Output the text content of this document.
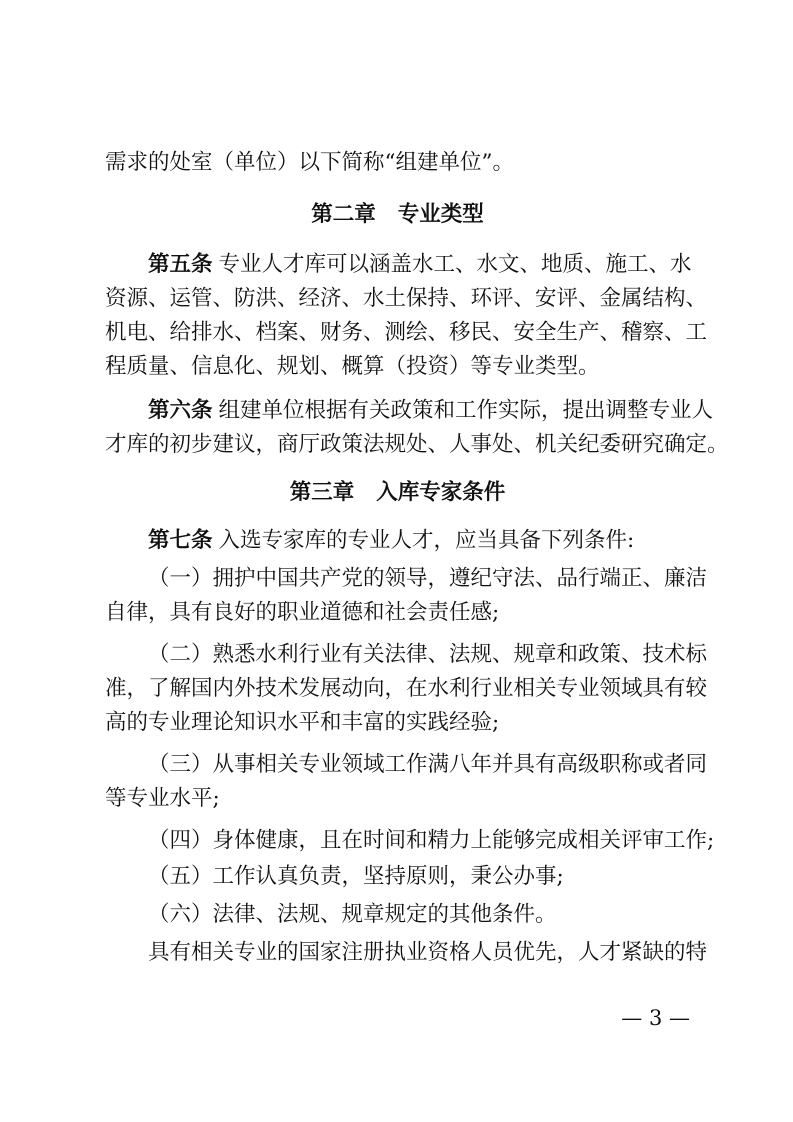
需求的处室（单位）以下简称“组建单位”。
第二章 专业类型
第五条 专业人才库可以涵盖水工、水文、地质、施工、水
资源、运管、防洪、经济、水土保持、环评、安评、金属结构、
机电、给排水、档案、财务、测绘、移民、安全生产、稽察、工
程质量、信息化、规划、概算（投资）等专业类型。
第六条 组建单位根据有关政策和工作实际，提出调整专业人
才库的初步建议，商厅政策法规处、人事处、机关纪委研究确定。
第三章 入库专家条件
第七条 入选专家库的专业人才，应当具备下列条件:
（一）拥护中国共产党的领导，遵纪守法、品行端正、廉洁
自律，具有良好的职业道德和社会责任感;
（二）熟悉水利行业有关法律、法规、规章和政策、技术标
准，了解国内外技术发展动向，在水利行业相关专业领域具有较
高的专业理论知识水平和丰富的实践经验;
（三）从事相关专业领域工作满八年并具有高级职称或者同
等专业水平;
（四）身体健康，且在时间和精力上能够完成相关评审工作;
（五）工作认真负责，坚持原则，秉公办事;
（六）法律、法规、规章规定的其他条件。
具有相关专业的国家注册执业资格人员优先，人才紧缺的特
— 3 —
